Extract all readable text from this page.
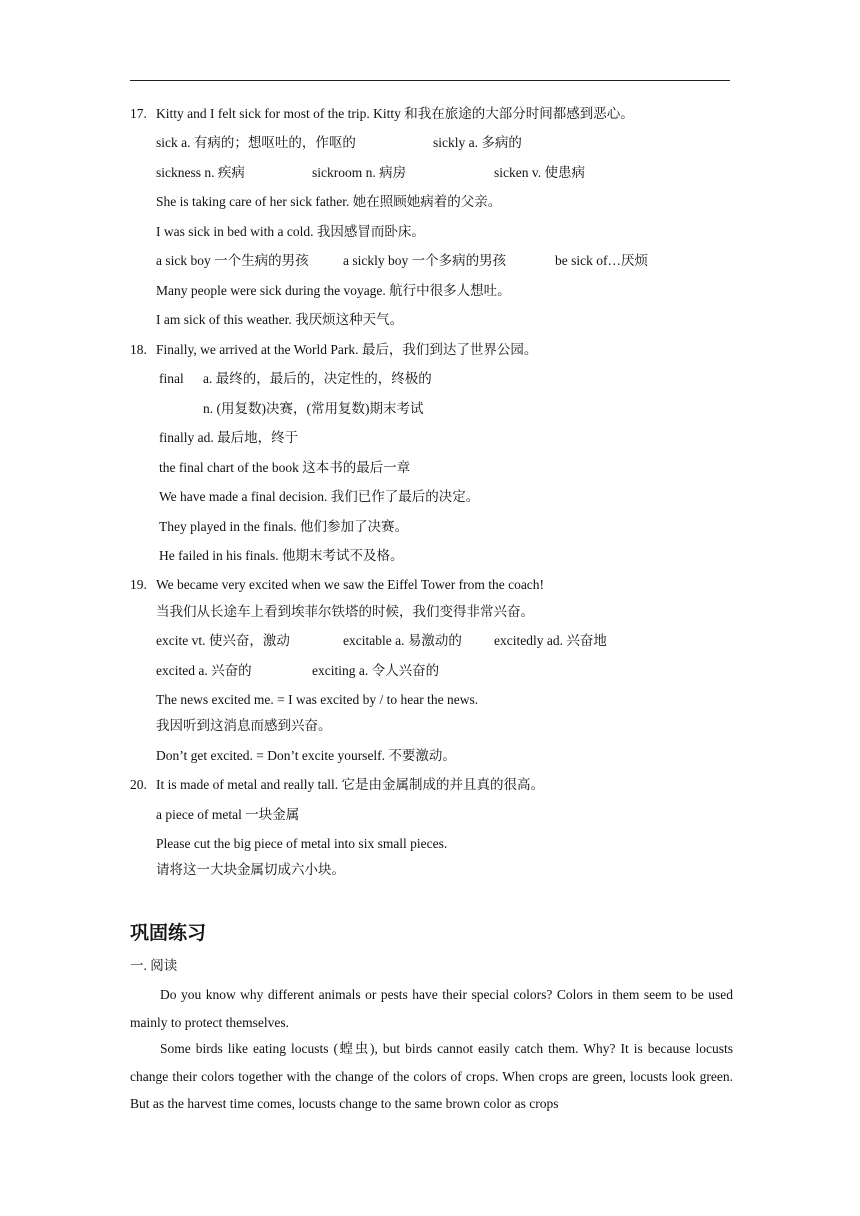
17. Kitty and I felt sick for most of the trip. Kitty 和我在旅途的大部分时间都感到恶心。
sick a. 有病的；想呕吐的，作呕的	sickly a. 多病的
sickness n. 疾病	sickroom n. 病房	sicken v. 使患病
She is taking care of her sick father. 她在照顾她病着的父亲。
I was sick in bed with a cold. 我因感冒而卧床。
a sick boy 一个生病的男孩	a sickly boy 一个多病的男孩	be sick of…厌烦
Many people were sick during the voyage. 航行中很多人想吐。
I am sick of this weather. 我厌烦这种天气。
18. Finally, we arrived at the World Park. 最后，我们到达了世界公园。
final a. 最终的，最后的，决定性的，终极的
n. (用复数)决赛，(常用复数)期末考试
finally ad. 最后地，终于
the final chart of the book 这本书的最后一章
We have made a final decision. 我们已作了最后的决定。
They played in the finals. 他们参加了决赛。
He failed in his finals. 他期末考试不及格。
19. We became very excited when we saw the Eiffel Tower from the coach!
当我们从长途车上看到埃菲尔铁塔的时候，我们变得非常兴奋。
excite vt. 使兴奋，激动	excitable a. 易激动的 excitedly ad. 兴奋地
excited a. 兴奋的	exciting a. 令人兴奋的
The news excited me. = I was excited by / to hear the news.
我因听到这消息而感到兴奋。
Don’t get excited. = Don’t excite yourself. 不要激动。
20. It is made of metal and really tall. 它是由金属制成的并且真的很高。
a piece of metal 一块金属
Please cut the big piece of metal into six small pieces.
请将这一大块金属切成六小块。
巩固练习
一. 阅读
Do you know why different animals or pests have their special colors? Colors in them seem to be used mainly to protect themselves.
Some birds like eating locusts (蝗虫), but birds cannot easily catch them. Why? It is because locusts change their colors together with the change of the colors of crops. When crops are green, locusts look green. But as the harvest time comes, locusts change to the same brown color as crops
